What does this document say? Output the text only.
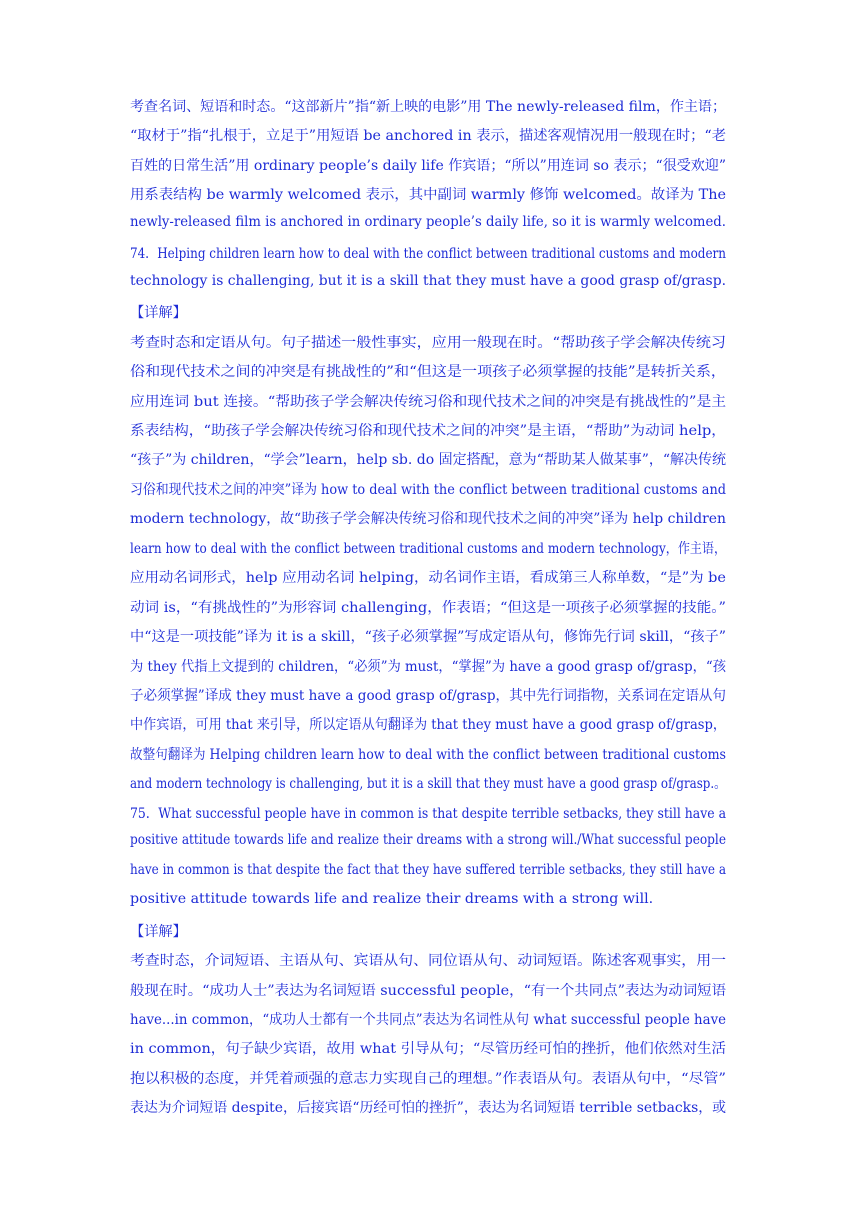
考查名词、短语和时态。“这部新片”指“新上映的电影”用 The newly-released film，作主语；
“取材于”指“扎根于，立足于”用短语 be anchored in 表示，描述客观情况用一般现在时；“老
百姓的日常生活”用 ordinary people’s daily life 作宾语；“所以”用连词 so 表示；“很受欢迎”
用系表结构 be warmly welcomed 表示，其中副词 warmly 修饰 welcomed。故译为 The
newly-released film is anchored in ordinary people’s daily life, so it is warmly welcomed.
74．Helping children learn how to deal with the conflict between traditional customs and modern
technology is challenging, but it is a skill that they must have a good grasp of/grasp.
【详解】
考查时态和定语从句。句子描述一般性事实，应用一般现在时。“帮助孩子学会解决传统习
俗和现代技术之间的冲突是有挑战性的”和“但这是一项孩子必须掌握的技能”是转折关系，
应用连词 but 连接。“帮助孩子学会解决传统习俗和现代技术之间的冲突是有挑战性的”是主
系表结构，“助孩子学会解决传统习俗和现代技术之间的冲突”是主语，“帮助”为动词 help，
“孩子”为 children，“学会”learn，help sb. do 固定搭配，意为“帮助某人做某事”，“解决传统
习俗和现代技术之间的冲突”译为 how to deal with the conflict between traditional customs and
modern technology，故“助孩子学会解决传统习俗和现代技术之间的冲突”译为 help children
learn how to deal with the conflict between traditional customs and modern technology，作主语，
应用动名词形式，help 应用动名词 helping，动名词作主语，看成第三人称单数，“是”为 be
动词 is，“有挑战性的”为形容词 challenging，作表语；“但这是一项孩子必须掌握的技能。”
中“这是一项技能”译为 it is a skill，“孩子必须掌握”写成定语从句，修饰先行词 skill，“孩子”
为 they 代指上文提到的 children，“必须”为 must，“掌握”为 have a good grasp of/grasp，“孩
子必须掌握”译成 they must have a good grasp of/grasp，其中先行词指物，关系词在定语从句
中作宾语，可用 that 来引导，所以定语从句翻译为 that they must have a good grasp of/grasp，
故整句翻译为 Helping children learn how to deal with the conflict between traditional customs
and modern technology is challenging, but it is a skill that they must have a good grasp of/grasp.。
75．What successful people have in common is that despite terrible setbacks, they still have a
positive attitude towards life and realize their dreams with a strong will./What successful people
have in common is that despite the fact that they have suffered terrible setbacks, they still have a
positive attitude towards life and realize their dreams with a strong will.
【详解】
考查时态，介词短语、主语从句、宾语从句、同位语从句、动词短语。陈述客观事实，用一
般现在时。“成功人士”表达为名词短语 successful people，“有一个共同点”表达为动词短语
have...in common，“成功人士都有一个共同点”表达为名词性从句 what successful people have
in common，句子缺少宾语，故用 what 引导从句；“尽管历经可怕的挫折，他们依然对生活
抱以积极的态度，并凭着顽强的意志力实现自己的理想。”作表语从句。表语从句中，“尽管”
表达为介词短语 despite，后接宾语“历经可怕的挫折”，表达为名词短语 terrible setbacks，或
